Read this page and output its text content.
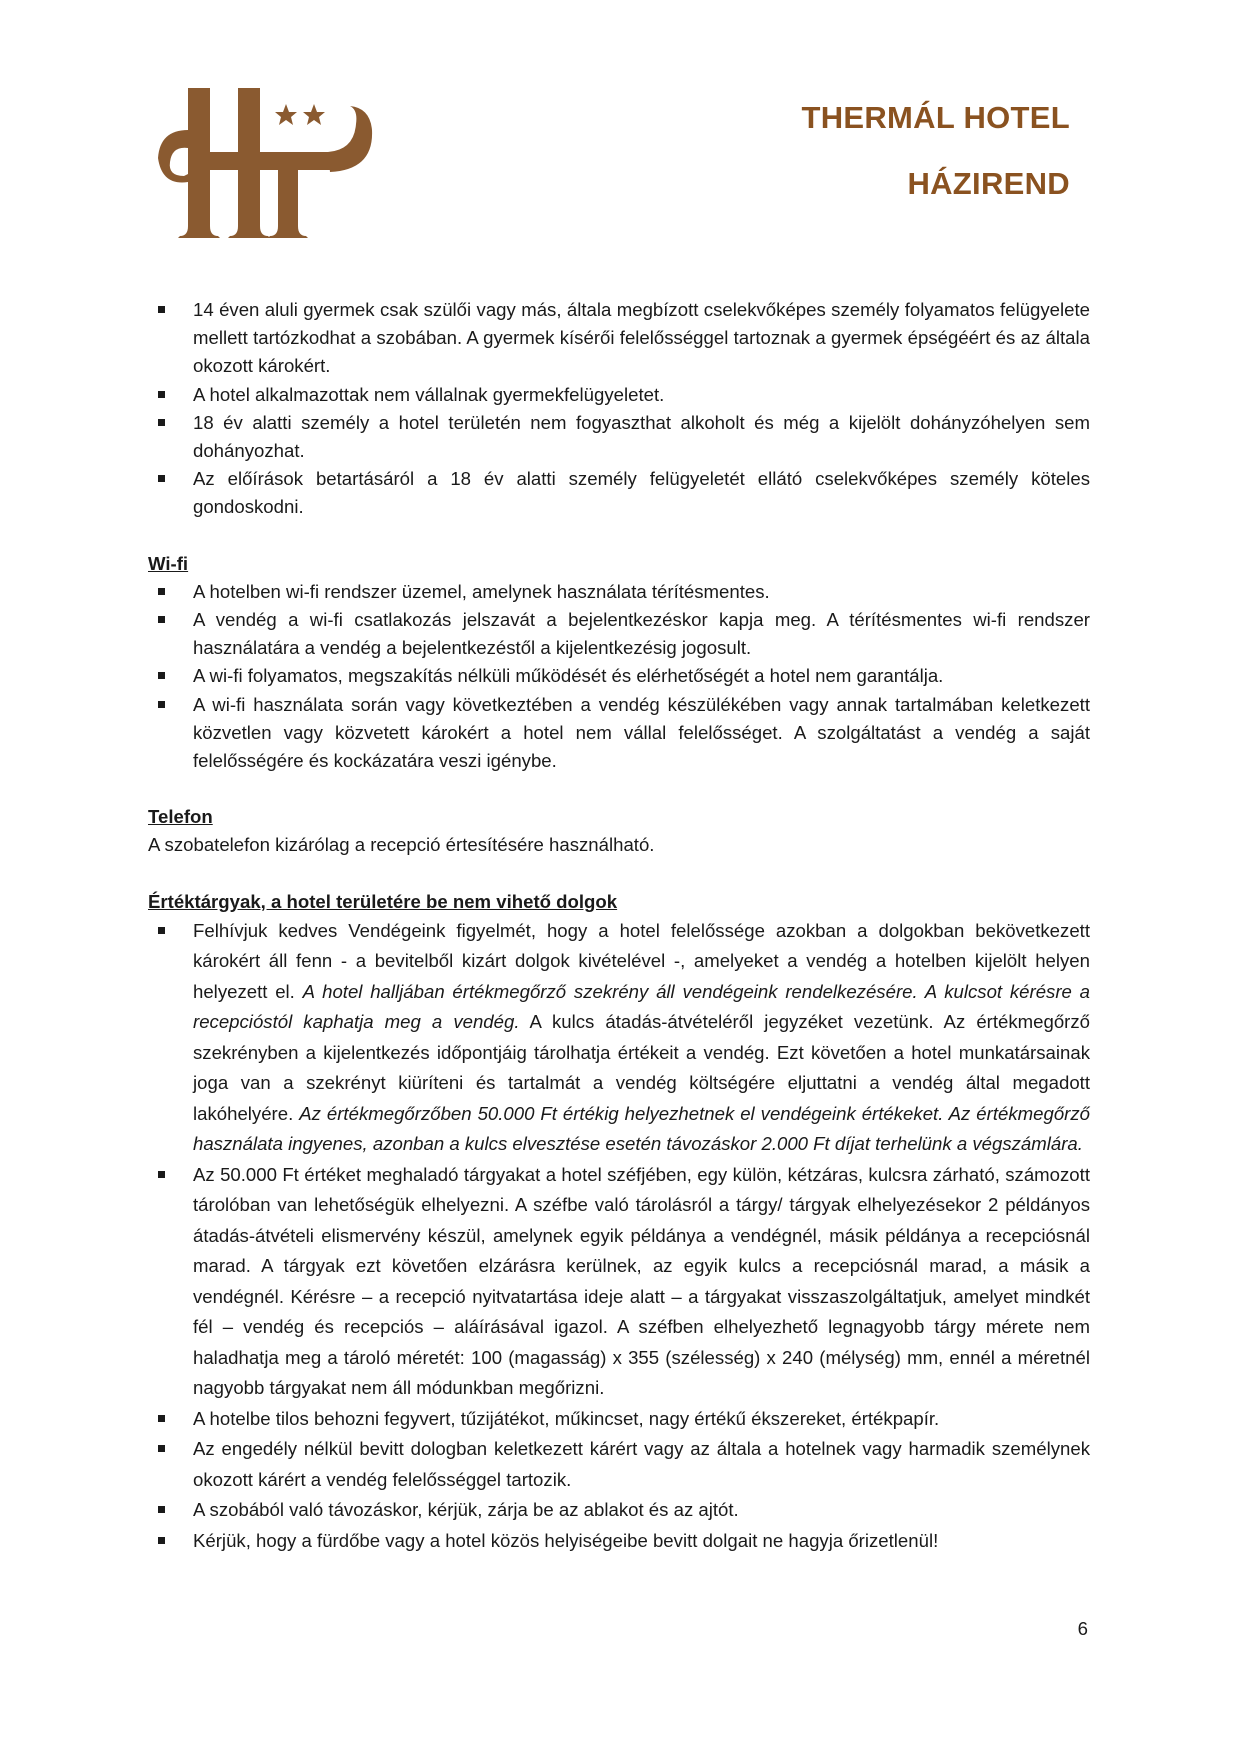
THERMÁL HOTEL
HÁZIREND
14 éven aluli gyermek csak szülői vagy más, általa megbízott cselekvőképes személy folyamatos felügyelete mellett tartózkodhat a szobában. A gyermek kísérői felelősséggel tartoznak a gyermek épségéért és az általa okozott károkért.
A hotel alkalmazottak nem vállalnak gyermekfelügyeletet.
18 év alatti személy a hotel területén nem fogyaszthat alkoholt és még a kijelölt dohányzóhelyen sem dohányozhat.
Az előírások betartásáról a 18 év alatti személy felügyeletét ellátó cselekvőképes személy köteles gondoskodni.

Wi-fi

A hotelben wi-fi rendszer üzemel, amelynek használata térítésmentes.
A vendég a wi-fi csatlakozás jelszavát a bejelentkezéskor kapja meg. A térítésmentes wi-fi rendszer használatára a vendég a bejelentkezéstől a kijelentkezésig jogosult.
A wi-fi folyamatos, megszakítás nélküli működését és elérhetőségét a hotel nem garantálja.
A wi-fi használata során vagy következtében a vendég készülékében vagy annak tartalmában keletkezett közvetlen vagy közvetett károkért a hotel nem vállal felelősséget. A szolgáltatást a vendég a saját felelősségére és kockázatára veszi igénybe.

Telefon

A szobatelefon kizárólag a recepció értesítésére használható.

Értéktárgyak, a hotel területére be nem vihető dolgok

Felhívjuk kedves Vendégeink figyelmét, hogy a hotel felelőssége azokban a dolgokban bekövetkezett károkért áll fenn - a bevitelből kizárt dolgok kivételével -, amelyeket a vendég a hotelben kijelölt helyen helyezett el. A hotel halljában értékmegőrző szekrény áll vendégeink rendelkezésére. A kulcsot kérésre a recepcióstól kaphatja meg a vendég. A kulcs átadás-átvételéről jegyzéket vezetünk. Az értékmegőrző szekrényben a kijelentkezés időpontjáig tárolhatja értékeit a vendég. Ezt követően a hotel munkatársainak joga van a szekrényt kiüríteni és tartalmát a vendég költségére eljuttatni a vendég által megadott lakóhelyére. Az értékmegőrzőben 50.000 Ft értékig helyezhetnek el vendégeink értékeket. Az értékmegőrző használata ingyenes, azonban a kulcs elvesztése esetén távozáskor 2.000 Ft díjat terhelünk a végszámlára.
Az 50.000 Ft értéket meghaladó tárgyakat a hotel széfjében, egy külön, kétzáras, kulcsra zárható, számozott tárolóban van lehetőségük elhelyezni. A széfbe való tárolásról a tárgy/ tárgyak elhelyezésekor 2 példányos átadás-átvételi elismervény készül, amelynek egyik példánya a vendégnél, másik példánya a recepciósnál marad. A tárgyak ezt követően elzárásra kerülnek, az egyik kulcs a recepciósnál marad, a másik a vendégnél. Kérésre – a recepció nyitvatartása ideje alatt – a tárgyakat visszaszolgáltatjuk, amelyet mindkét fél – vendég és recepciós – aláírásával igazol. A széfben elhelyezhető legnagyobb tárgy mérete nem haladhatja meg a tároló méretét: 100 (magasság) x 355 (szélesség) x 240 (mélység) mm, ennél a méretnél nagyobb tárgyakat nem áll módunkban megőrizni.
A hotelbe tilos behozni fegyvert, tűzijátékot, műkincset, nagy értékű ékszereket, értékpapír.
Az engedély nélkül bevitt dologban keletkezett kárért vagy az általa a hotelnek vagy harmadik személynek okozott kárért a vendég felelősséggel tartozik.
A szobából való távozáskor, kérjük, zárja be az ablakot és az ajtót.
Kérjük, hogy a fürdőbe vagy a hotel közös helyiségeibe bevitt dolgait ne hagyja őrizetlenül!
6
